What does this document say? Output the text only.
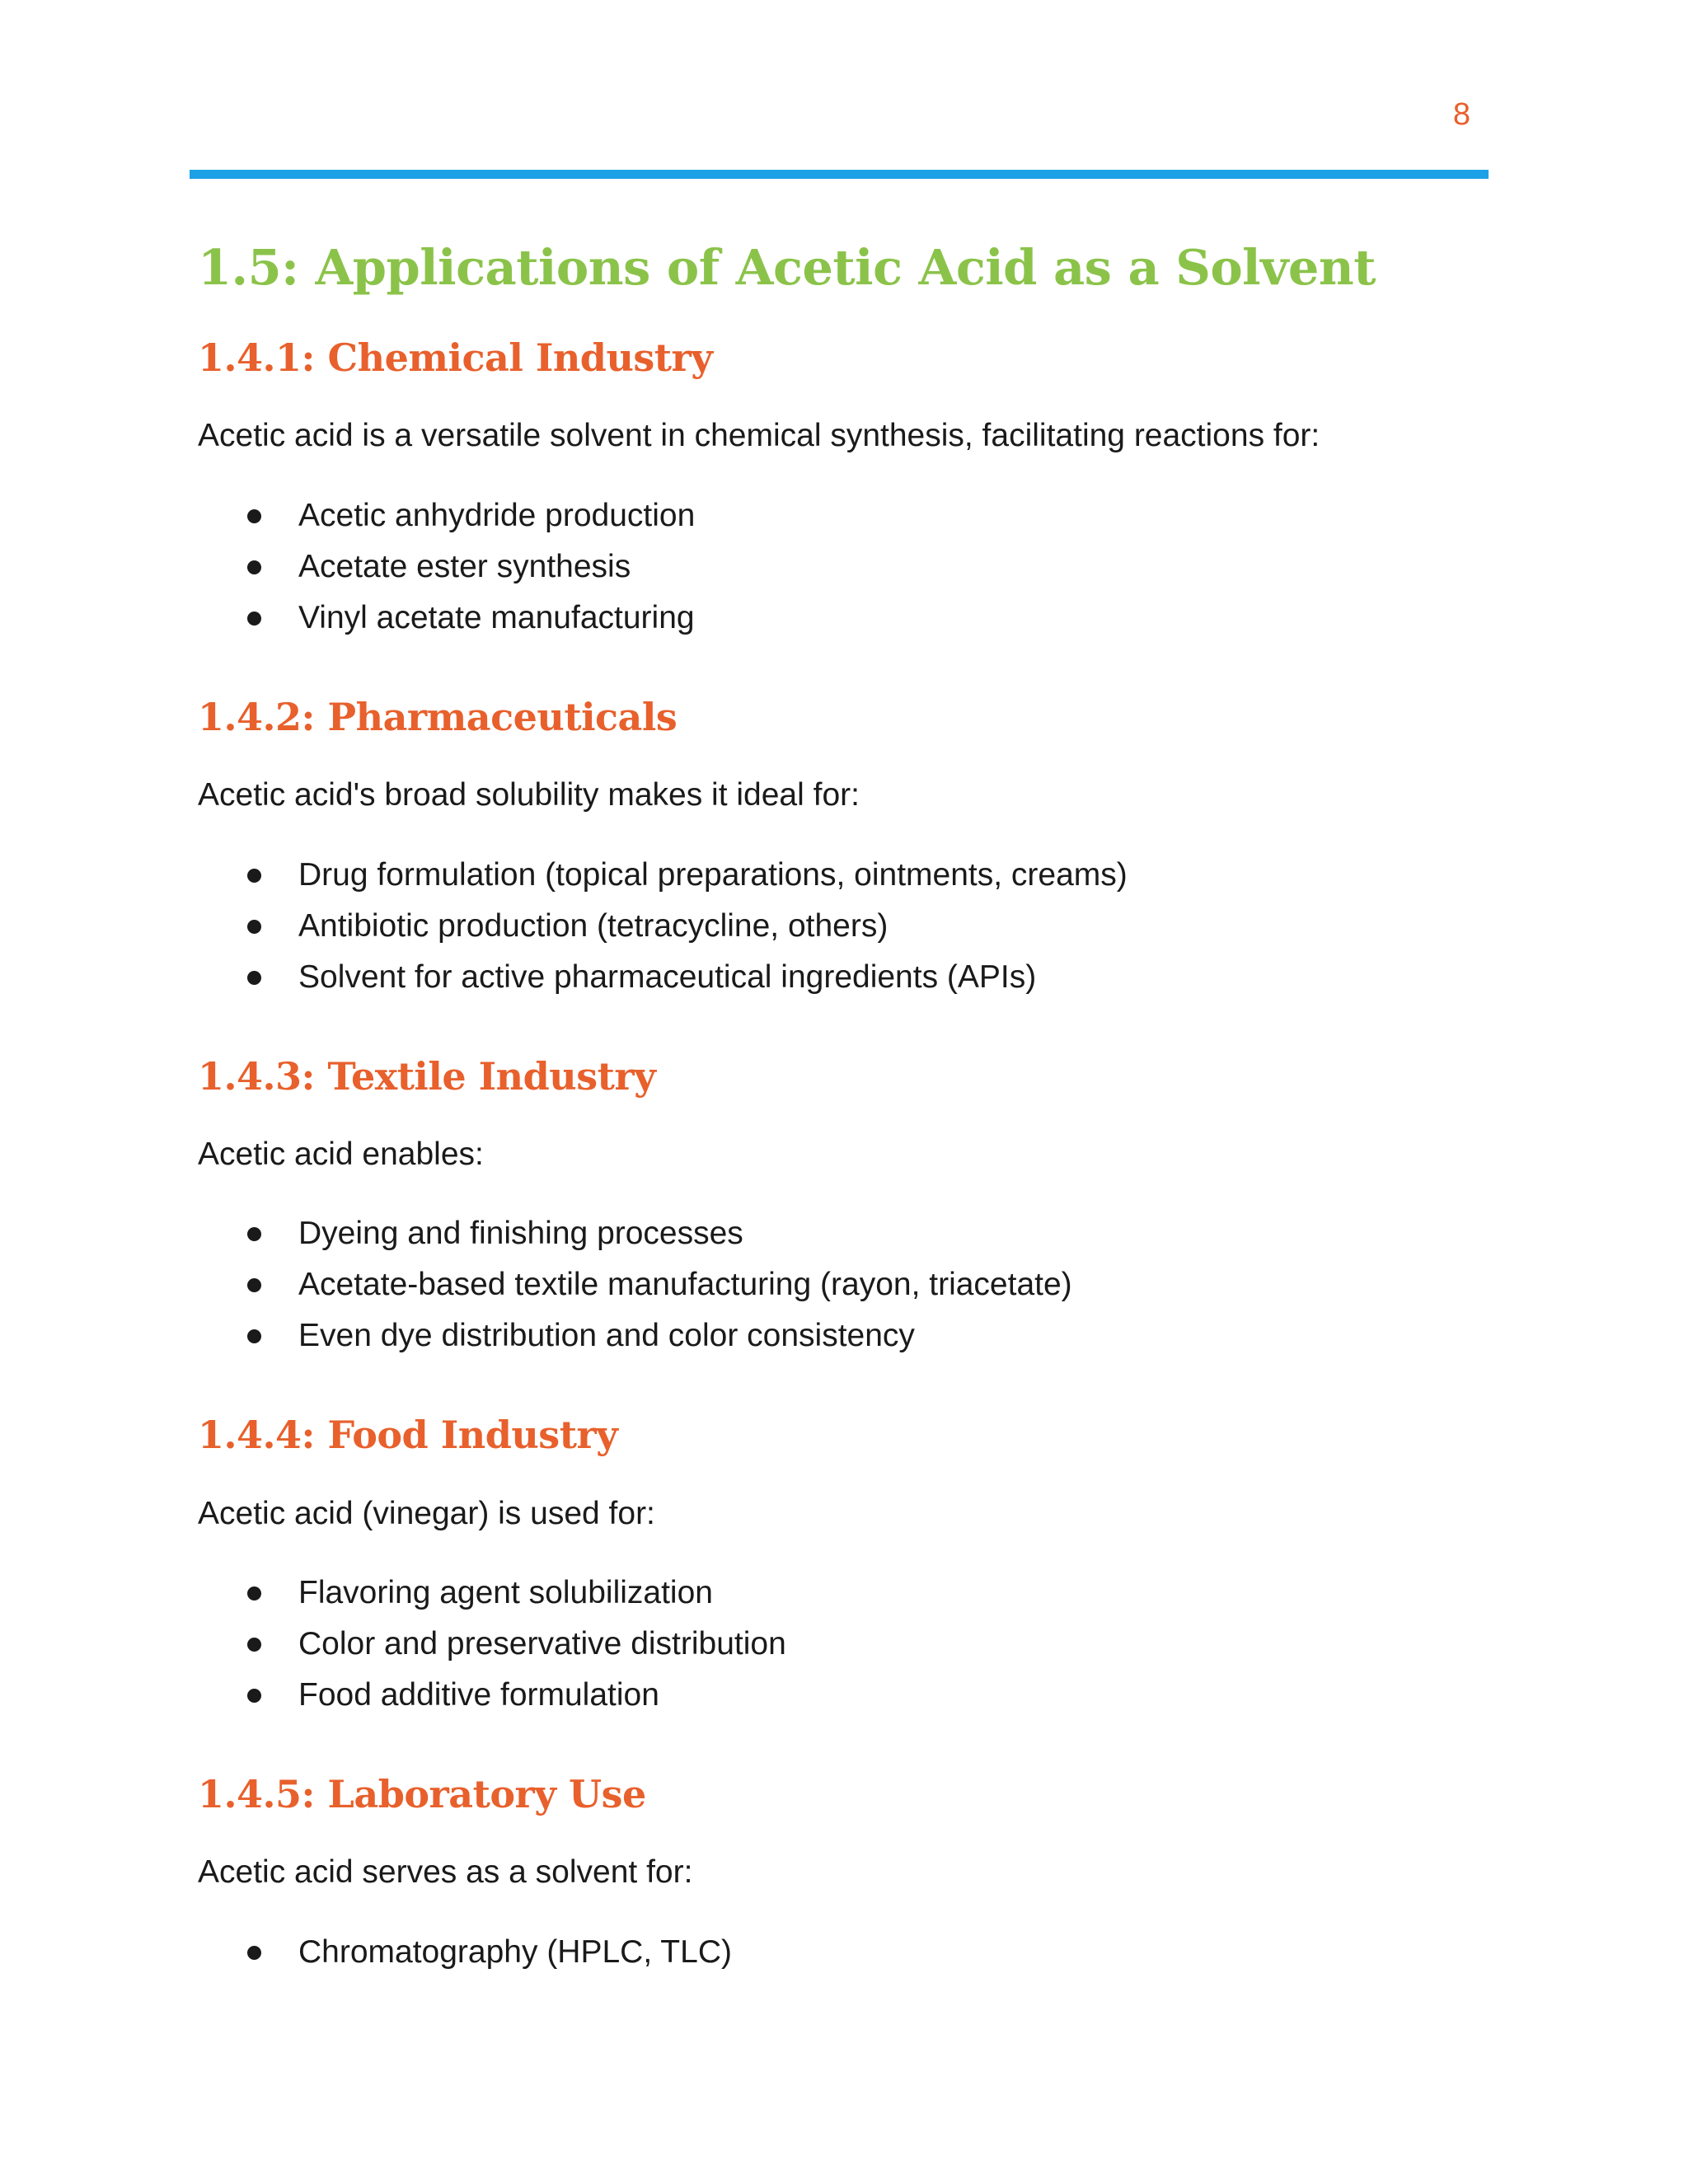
8
1.5: Applications of Acetic Acid as a Solvent
1.4.1: Chemical Industry

Acetic acid is a versatile solvent in chemical synthesis, facilitating reactions for:

Acetic anhydride production
Acetate ester synthesis
Vinyl acetate manufacturing
1.4.2: Pharmaceuticals

Acetic acid's broad solubility makes it ideal for:

Drug formulation (topical preparations, ointments, creams)
Antibiotic production (tetracycline, others)
Solvent for active pharmaceutical ingredients (APIs)
1.4.3: Textile Industry

Acetic acid enables:

Dyeing and finishing processes
Acetate-based textile manufacturing (rayon, triacetate)
Even dye distribution and color consistency
1.4.4: Food Industry

Acetic acid (vinegar) is used for:

Flavoring agent solubilization
Color and preservative distribution
Food additive formulation
1.4.5: Laboratory Use

Acetic acid serves as a solvent for:

Chromatography (HPLC, TLC)
